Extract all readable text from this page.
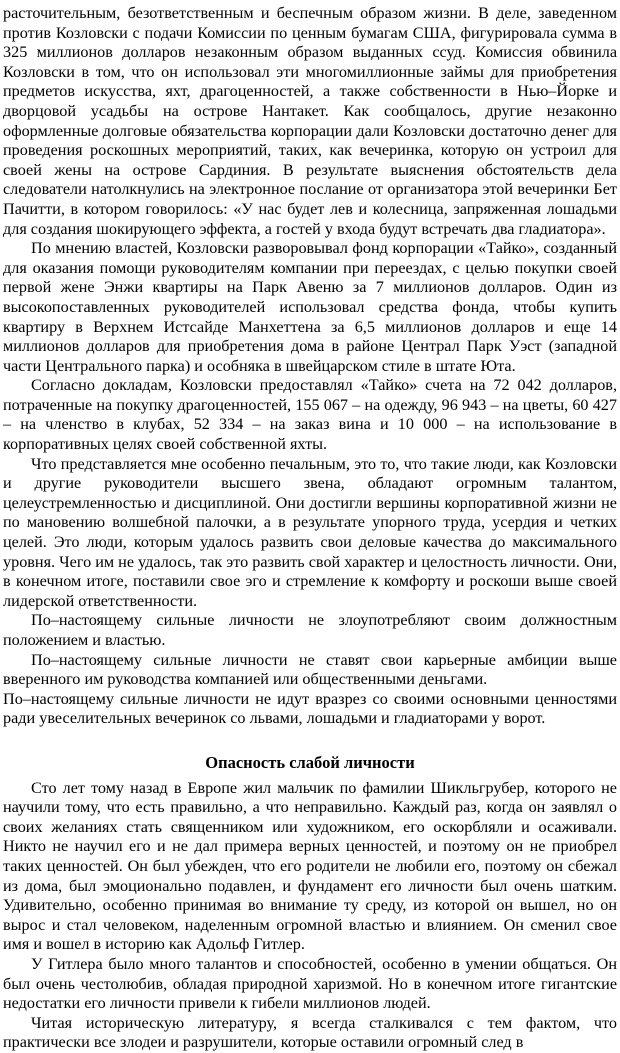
расточительным, безответственным и беспечным образом жизни. В деле, заведенном против Козловски с подачи Комиссии по ценным бумагам США, фигурировала сумма в 325 миллионов долларов незаконным образом выданных ссуд. Комиссия обвинила Козловски в том, что он использовал эти многомиллионные займы для приобретения предметов искусства, яхт, драгоценностей, а также собственности в Нью–Йорке и дворцовой усадьбы на острове Нантакет. Как сообщалось, другие незаконно оформленные долговые обязательства корпорации дали Козловски достаточно денег для проведения роскошных мероприятий, таких, как вечеринка, которую он устроил для своей жены на острове Сардиния. В результате выяснения обстоятельств дела следователи натолкнулись на электронное послание от организатора этой вечеринки Бет Пачитти, в котором говорилось: «У нас будет лев и колесница, запряженная лошадьми для создания шокирующего эффекта, а гостей у входа будут встречать два гладиатора».

По мнению властей, Козловски разворовывал фонд корпорации «Тайко», созданный для оказания помощи руководителям компании при переездах, с целью покупки своей первой жене Энжи квартиры на Парк Авеню за 7 миллионов долларов. Один из высокопоставленных руководителей использовал средства фонда, чтобы купить квартиру в Верхнем Истсайде Манхеттена за 6,5 миллионов долларов и еще 14 миллионов долларов для приобретения дома в районе Централ Парк Уэст (западной части Центрального парка) и особняка в швейцарском стиле в штате Юта.

Согласно докладам, Козловски предоставлял «Тайко» счета на 72 042 долларов, потраченные на покупку драгоценностей, 155 067 – на одежду, 96 943 – на цветы, 60 427 – на членство в клубах, 52 334 – на заказ вина и 10 000 – на использование в корпоративных целях своей собственной яхты.

Что представляется мне особенно печальным, это то, что такие люди, как Козловски и другие руководители высшего звена, обладают огромным талантом, целеустремленностью и дисциплиной. Они достигли вершины корпоративной жизни не по мановению волшебной палочки, а в результате упорного труда, усердия и четких целей. Это люди, которым удалось развить свои деловые качества до максимального уровня. Чего им не удалось, так это развить свой характер и целостность личности. Они, в конечном итоге, поставили свое эго и стремление к комфорту и роскоши выше своей лидерской ответственности.

По–настоящему сильные личности не злоупотребляют своим должностным положением и властью.

По–настоящему сильные личности не ставят свои карьерные амбиции выше вверенного им руководства компанией или общественными деньгами.

По–настоящему сильные личности не идут вразрез со своими основными ценностями ради увеселительных вечеринок со львами, лошадьми и гладиаторами у ворот.

Опасность слабой личности

Сто лет тому назад в Европе жил мальчик по фамилии Шикльгрубер, которого не научили тому, что есть правильно, а что неправильно. Каждый раз, когда он заявлял о своих желаниях стать священником или художником, его оскорбляли и осаживали. Никто не научил его и не дал примера верных ценностей, и поэтому он не приобрел таких ценностей. Он был убежден, что его родители не любили его, поэтому он сбежал из дома, был эмоционально подавлен, и фундамент его личности был очень шатким. Удивительно, особенно принимая во внимание ту среду, из которой он вышел, но он вырос и стал человеком, наделенным огромной властью и влиянием. Он сменил свое имя и вошел в историю как Адольф Гитлер.

У Гитлера было много талантов и способностей, особенно в умении общаться. Он был очень честолюбив, обладая природной харизмой. Но в конечном итоге гигантские недостатки его личности привели к гибели миллионов людей.

Читая историческую литературу, я всегда сталкивался с тем фактом, что практически все злодеи и разрушители, которые оставили огромный след в
